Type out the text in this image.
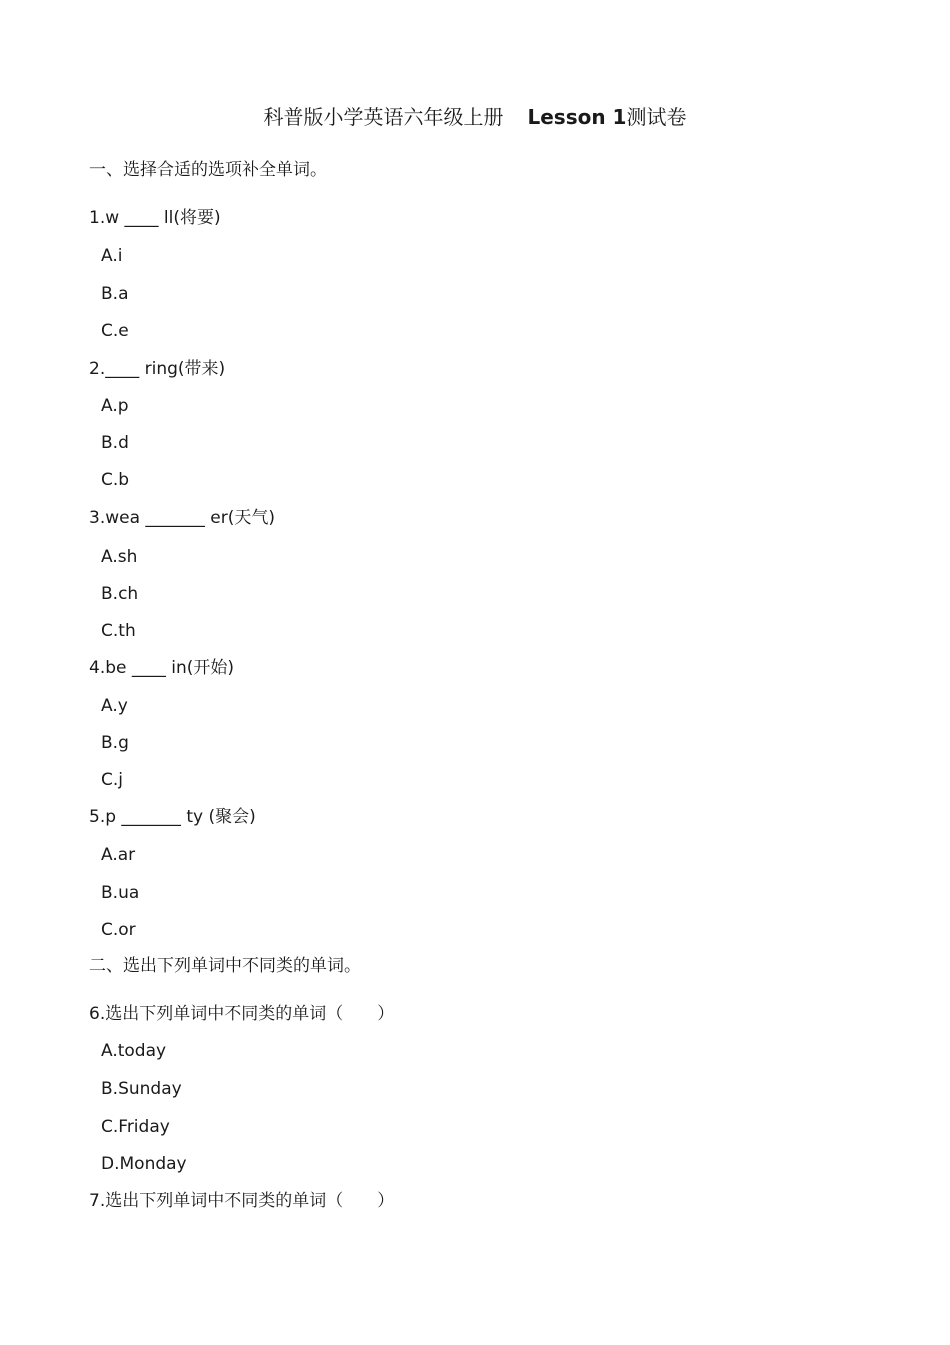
科普版小学英语六年级上册 Lesson 1测试卷
一、选择合适的选项补全单词。
1.w ____ ll(将要)
A.i
B.a
C.e
2.____ ring(带来)
A.p
B.d
C.b
3.wea _______ er(天气)
A.sh
B.ch
C.th
4.be ____ in(开始)
A.y
B.g
C.j
5.p _______ ty (聚会)
A.ar
B.ua
C.or
二、选出下列单词中不同类的单词。
6.选出下列单词中不同类的单词（　　）
A.today
B.Sunday
C.Friday
D.Monday
7.选出下列单词中不同类的单词（　　）
